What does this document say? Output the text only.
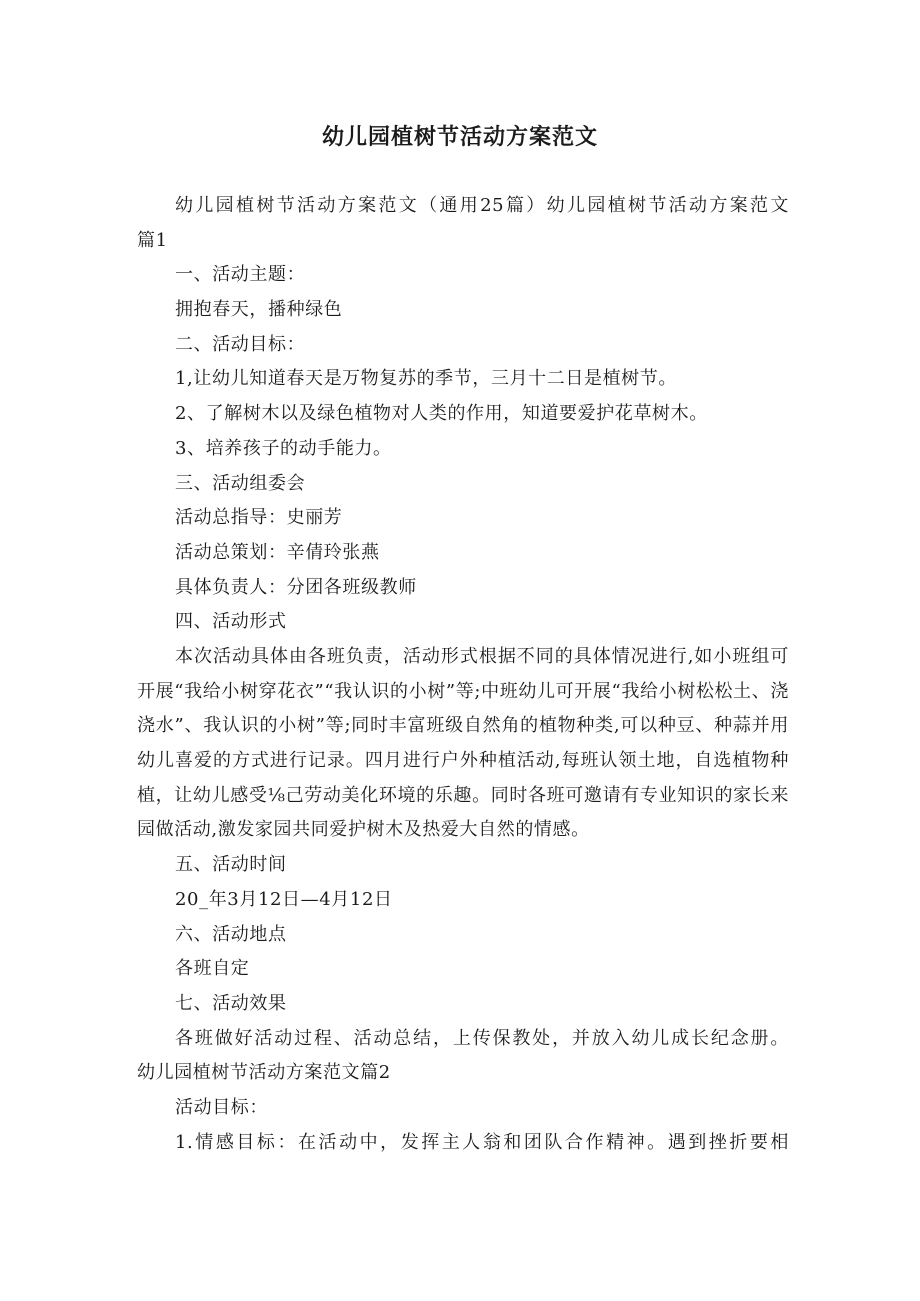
幼儿园植树节活动方案范文
幼儿园植树节活动方案范文（通用25篇）幼儿园植树节活动方案范文
篇1
一、活动主题：
拥抱春天，播种绿色
二、活动目标：
1,让幼儿知道春天是万物复苏的季节，三月十二日是植树节。
2、了解树木以及绿色植物对人类的作用，知道要爱护花草树木。
3、培养孩子的动手能力。
三、活动组委会
活动总指导：史丽芳
活动总策划：辛倩玲张燕
具体负责人：分团各班级教师
四、活动形式
本次活动具体由各班负责，活动形式根据不同的具体情况进行,如小班组可开展“我给小树穿花衣”“我认识的小树”等;中班幼儿可开展“我给小树松松土、浇浇水”、我认识的小树”等;同时丰富班级自然角的植物种类,可以种豆、种蒜并用幼儿喜爱的方式进行记录。四月进行户外种植活动,每班认领土地，自选植物种植，让幼儿感受⅛己劳动美化环境的乐趣。同时各班可邀请有专业知识的家长来园做活动,激发家园共同爱护树木及热爱大自然的情感。
五、活动时间
20_年3月12日—4月12日
六、活动地点
各班自定
七、活动效果
各班做好活动过程、活动总结，上传保教处，并放入幼儿成长纪念册。
幼儿园植树节活动方案范文篇2
活动目标：
1.情感目标：在活动中，发挥主人翁和团队合作精神。遇到挫折要相
